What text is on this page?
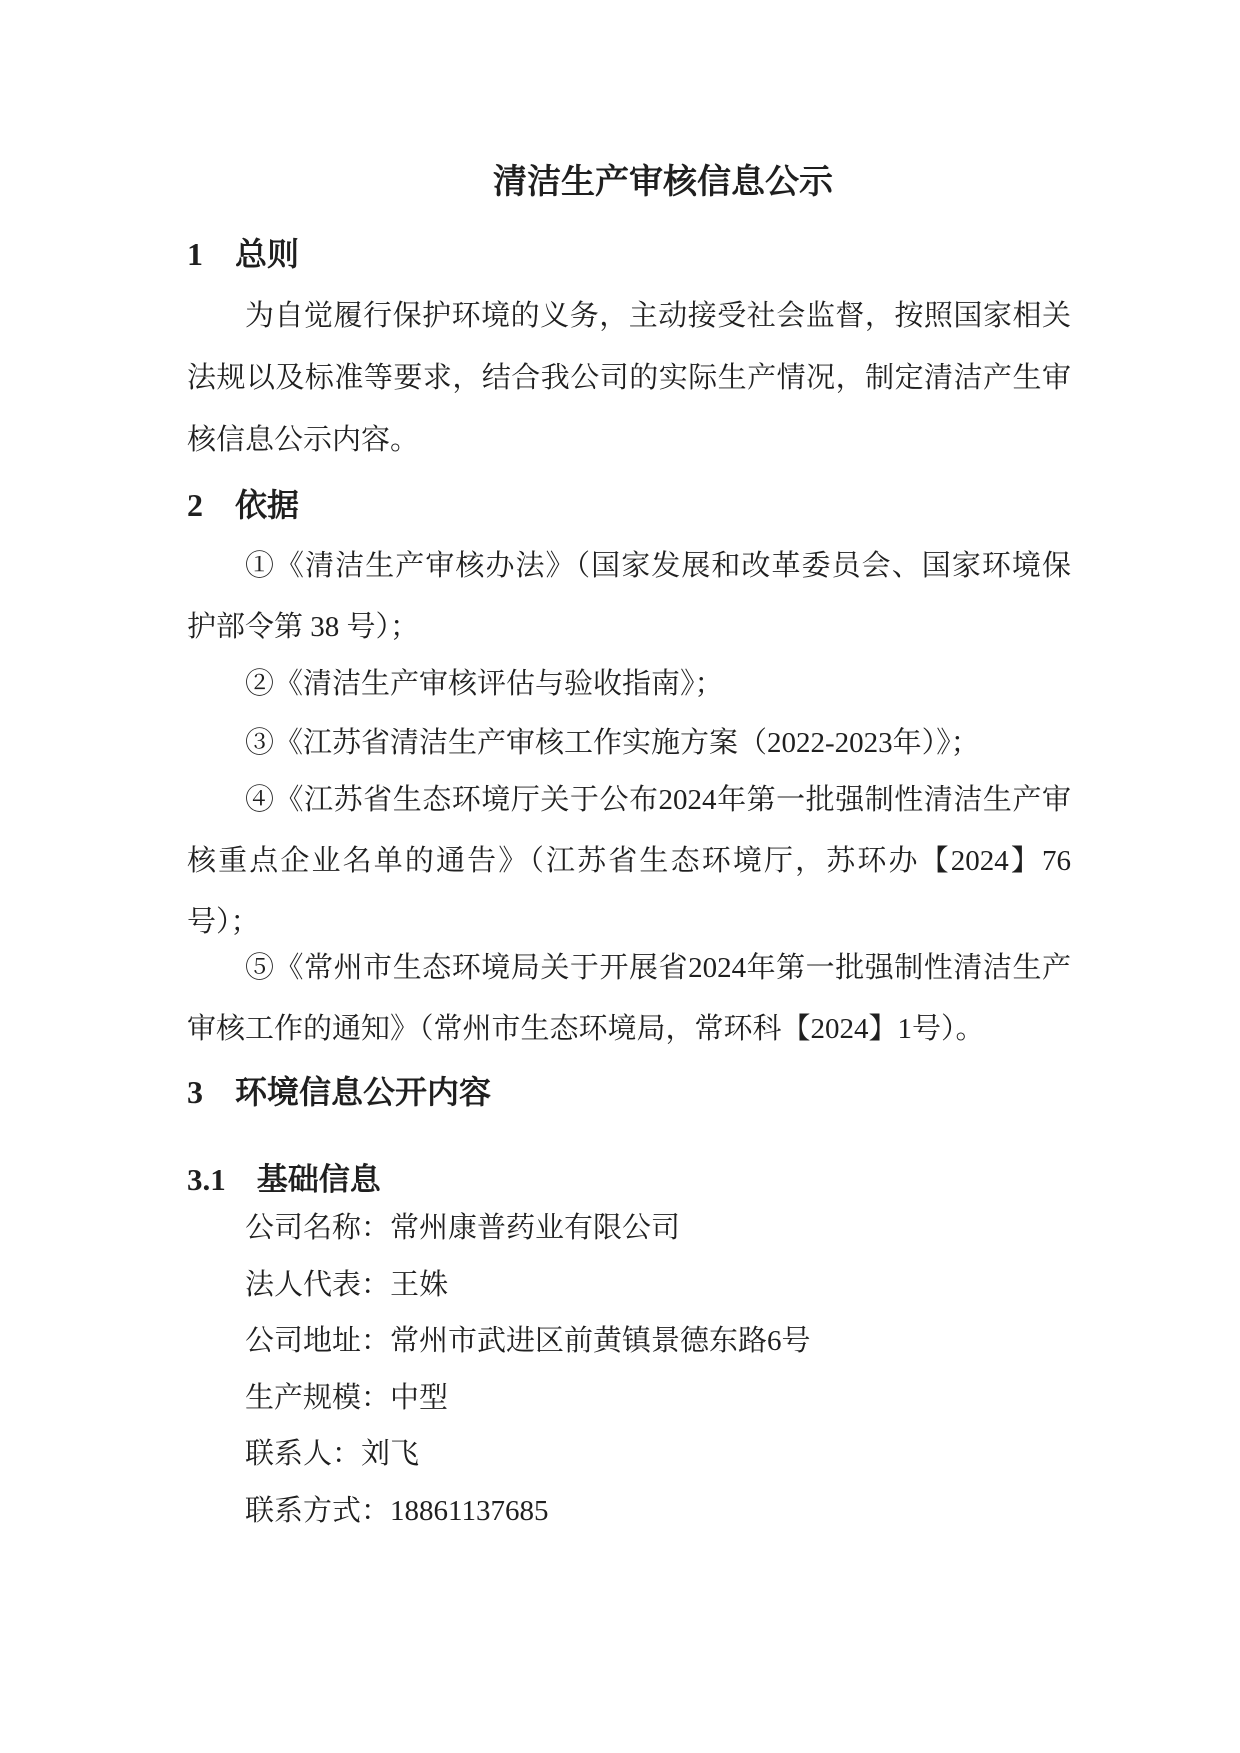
清洁生产审核信息公示
1　总则
为自觉履行保护环境的义务，主动接受社会监督，按照国家相关法规以及标准等要求，结合我公司的实际生产情况，制定清洁产生审核信息公示内容。
2　依据
①《清洁生产审核办法》（国家发展和改革委员会、国家环境保护部令第 38 号）；
②《清洁生产审核评估与验收指南》；
③《江苏省清洁生产审核工作实施方案（2022-2023年）》；
④《江苏省生态环境厅关于公布2024年第一批强制性清洁生产审核重点企业名单的通告》（江苏省生态环境厅，苏环办【2024】76号）；
⑤《常州市生态环境局关于开展省2024年第一批强制性清洁生产审核工作的通知》（常州市生态环境局，常环科【2024】1号）。
3　环境信息公开内容
3.1　基础信息
公司名称：常州康普药业有限公司
法人代表：王姝
公司地址：常州市武进区前黄镇景德东路6号
生产规模：中型
联系人：刘飞
联系方式：18861137685
